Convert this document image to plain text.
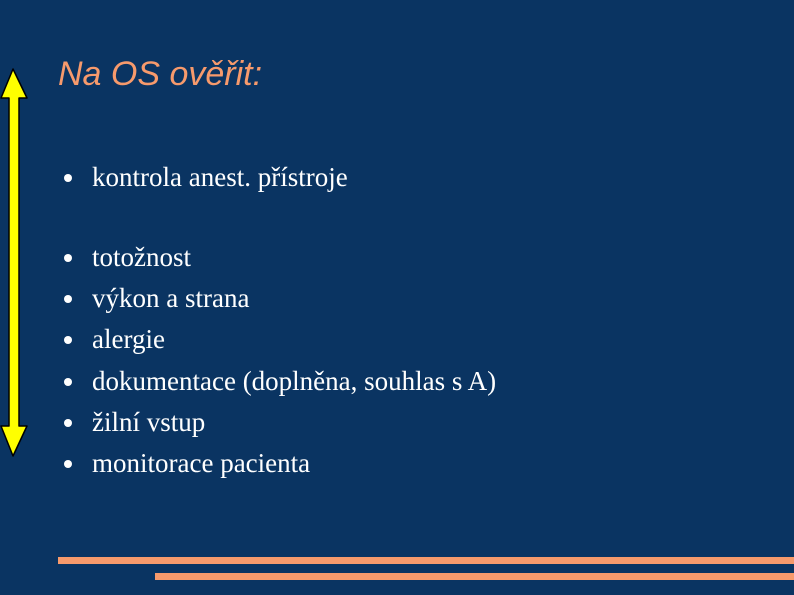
Na OS ověřit:
kontrola anest. přístroje
totožnost
výkon a strana
alergie
dokumentace (doplněna, souhlas s A)
žilní vstup
monitorace pacienta
